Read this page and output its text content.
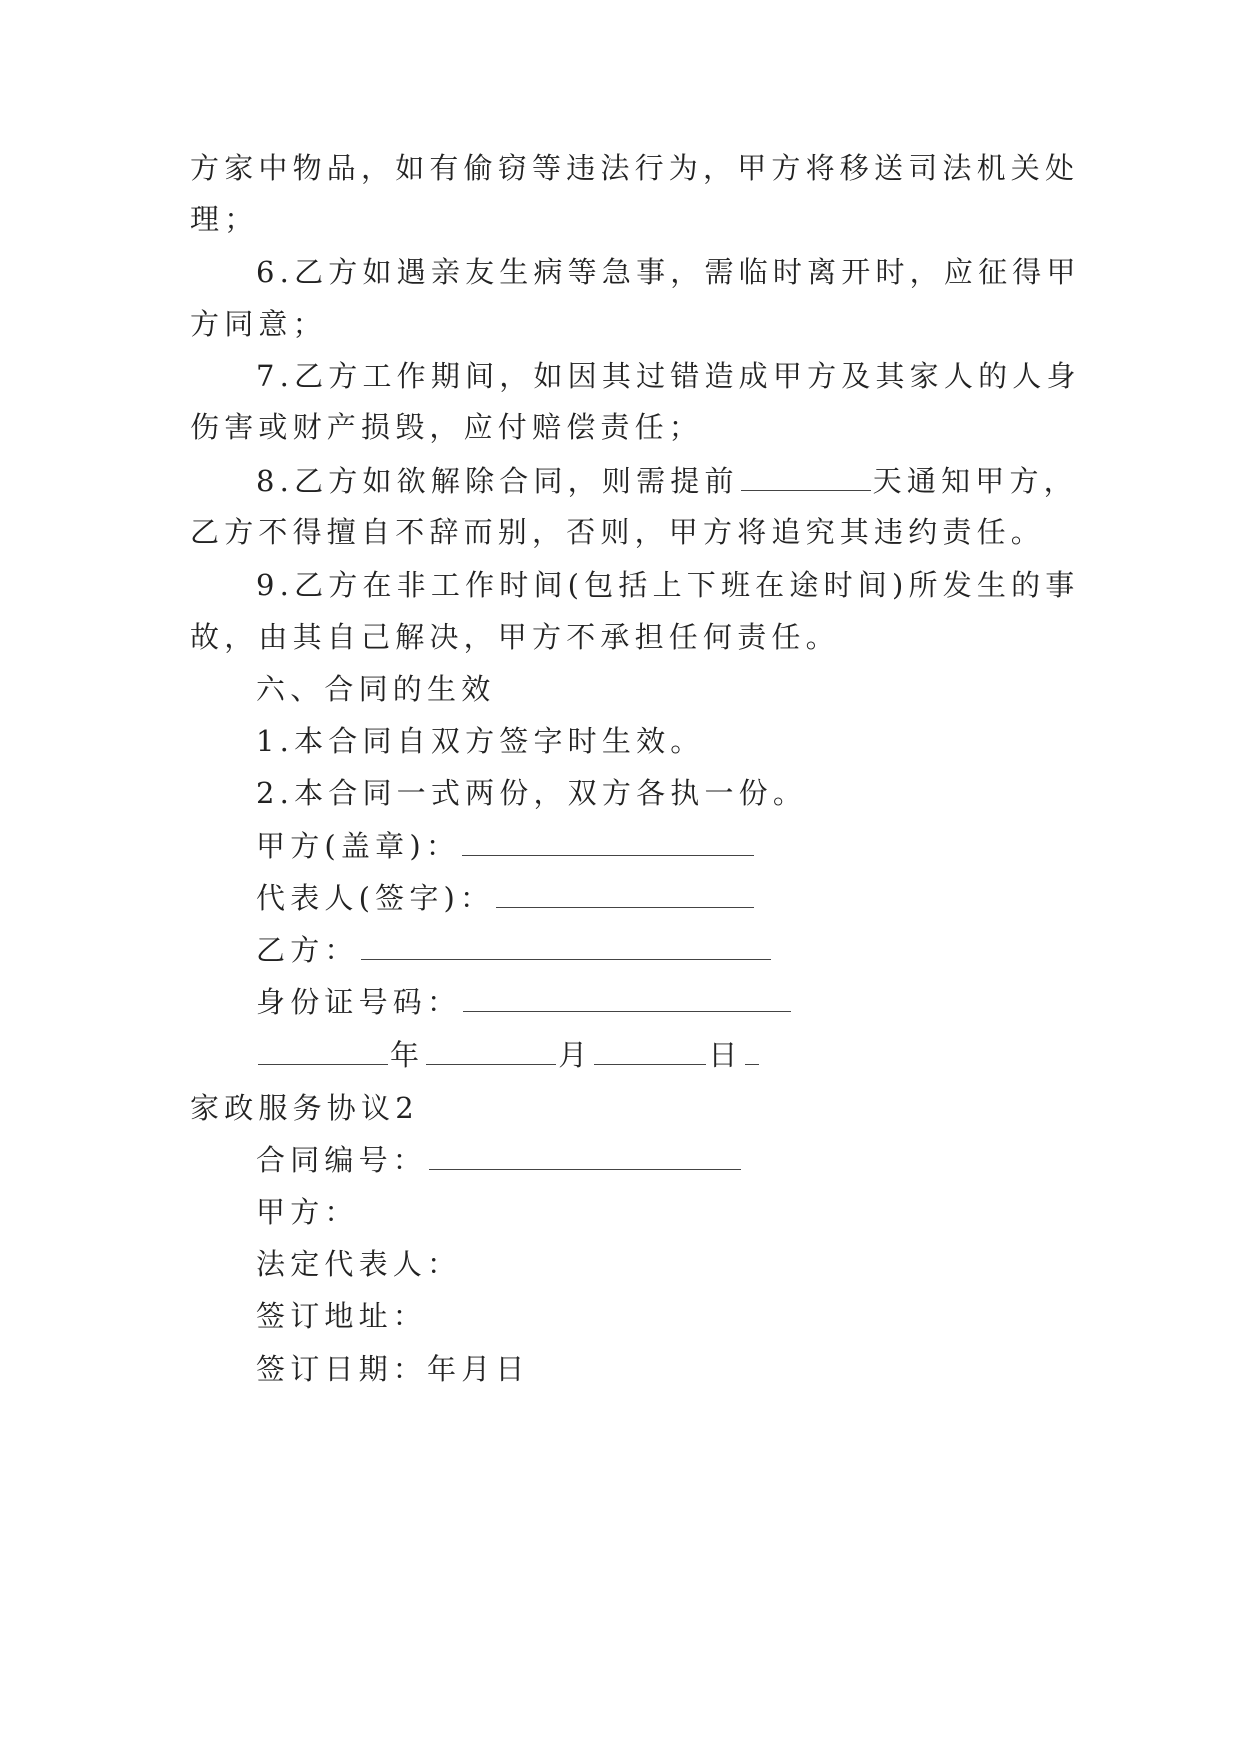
方家中物品，如有偷窃等违法行为，甲方将移送司法机关处
理；
6.乙方如遇亲友生病等急事，需临时离开时，应征得甲
方同意；
7.乙方工作期间，如因其过错造成甲方及其家人的人身
伤害或财产损毁，应付赔偿责任；
8.乙方如欲解除合同，则需提前	天通知甲方，
乙方不得擅自不辞而别，否则，甲方将追究其违约责任。
9.乙方在非工作时间(包括上下班在途时间)所发生的事
故，由其自己解决，甲方不承担任何责任。
六、合同的生效
1.本合同自双方签字时生效。
2.本合同一式两份，双方各执一份。
甲方(盖章)：
代表人(签字)：
乙方：
身份证号码：
年	月	日
家政服务协议2
合同编号：
甲方：
法定代表人：
签订地址：
签订日期：年月日
